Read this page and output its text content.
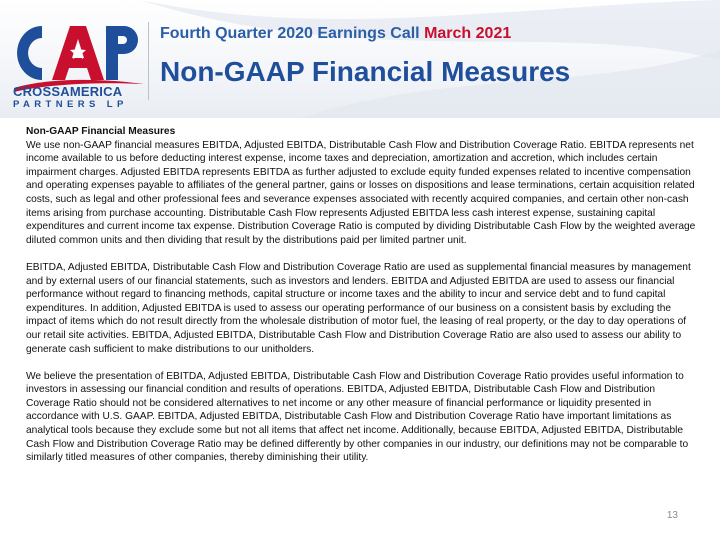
CROSSAMERICA
PARTNERS LP
Fourth Quarter 2020 Earnings Call March 2021
Non-GAAP Financial Measures

Non-GAAP Financial Measures
We use non-GAAP financial measures EBITDA, Adjusted EBITDA, Distributable Cash Flow and Distribution Coverage Ratio. EBITDA represents net income available to us before deducting interest expense, income taxes and depreciation, amortization and accretion, which includes certain impairment charges. Adjusted EBITDA represents EBITDA as further adjusted to exclude equity funded expenses related to incentive compensation and operating expenses payable to affiliates of the general partner, gains or losses on dispositions and lease terminations, certain acquisition related costs, such as legal and other professional fees and severance expenses associated with recently acquired companies, and certain other non-cash items arising from purchase accounting. Distributable Cash Flow represents Adjusted EBITDA less cash interest expense, sustaining capital expenditures and current income tax expense. Distribution Coverage Ratio is computed by dividing Distributable Cash Flow by the weighted average diluted common units and then dividing that result by the distributions paid per limited partner unit.

EBITDA, Adjusted EBITDA, Distributable Cash Flow and Distribution Coverage Ratio are used as supplemental financial measures by management and by external users of our financial statements, such as investors and lenders. EBITDA and Adjusted EBITDA are used to assess our financial performance without regard to financing methods, capital structure or income taxes and the ability to incur and service debt and to fund capital expenditures. In addition, Adjusted EBITDA is used to assess our operating performance of our business on a consistent basis by excluding the impact of items which do not result directly from the wholesale distribution of motor fuel, the leasing of real property, or the day to day operations of our retail site activities. EBITDA, Adjusted EBITDA, Distributable Cash Flow and Distribution Coverage Ratio are also used to assess our ability to generate cash sufficient to make distributions to our unitholders.

We believe the presentation of EBITDA, Adjusted EBITDA, Distributable Cash Flow and Distribution Coverage Ratio provides useful information to investors in assessing our financial condition and results of operations. EBITDA, Adjusted EBITDA, Distributable Cash Flow and Distribution Coverage Ratio should not be considered alternatives to net income or any other measure of financial performance or liquidity presented in accordance with U.S. GAAP. EBITDA, Adjusted EBITDA, Distributable Cash Flow and Distribution Coverage Ratio have important limitations as analytical tools because they exclude some but not all items that affect net income. Additionally, because EBITDA, Adjusted EBITDA, Distributable Cash Flow and Distribution Coverage Ratio may be defined differently by other companies in our industry, our definitions may not be comparable to similarly titled measures of other companies, thereby diminishing their utility.

13
